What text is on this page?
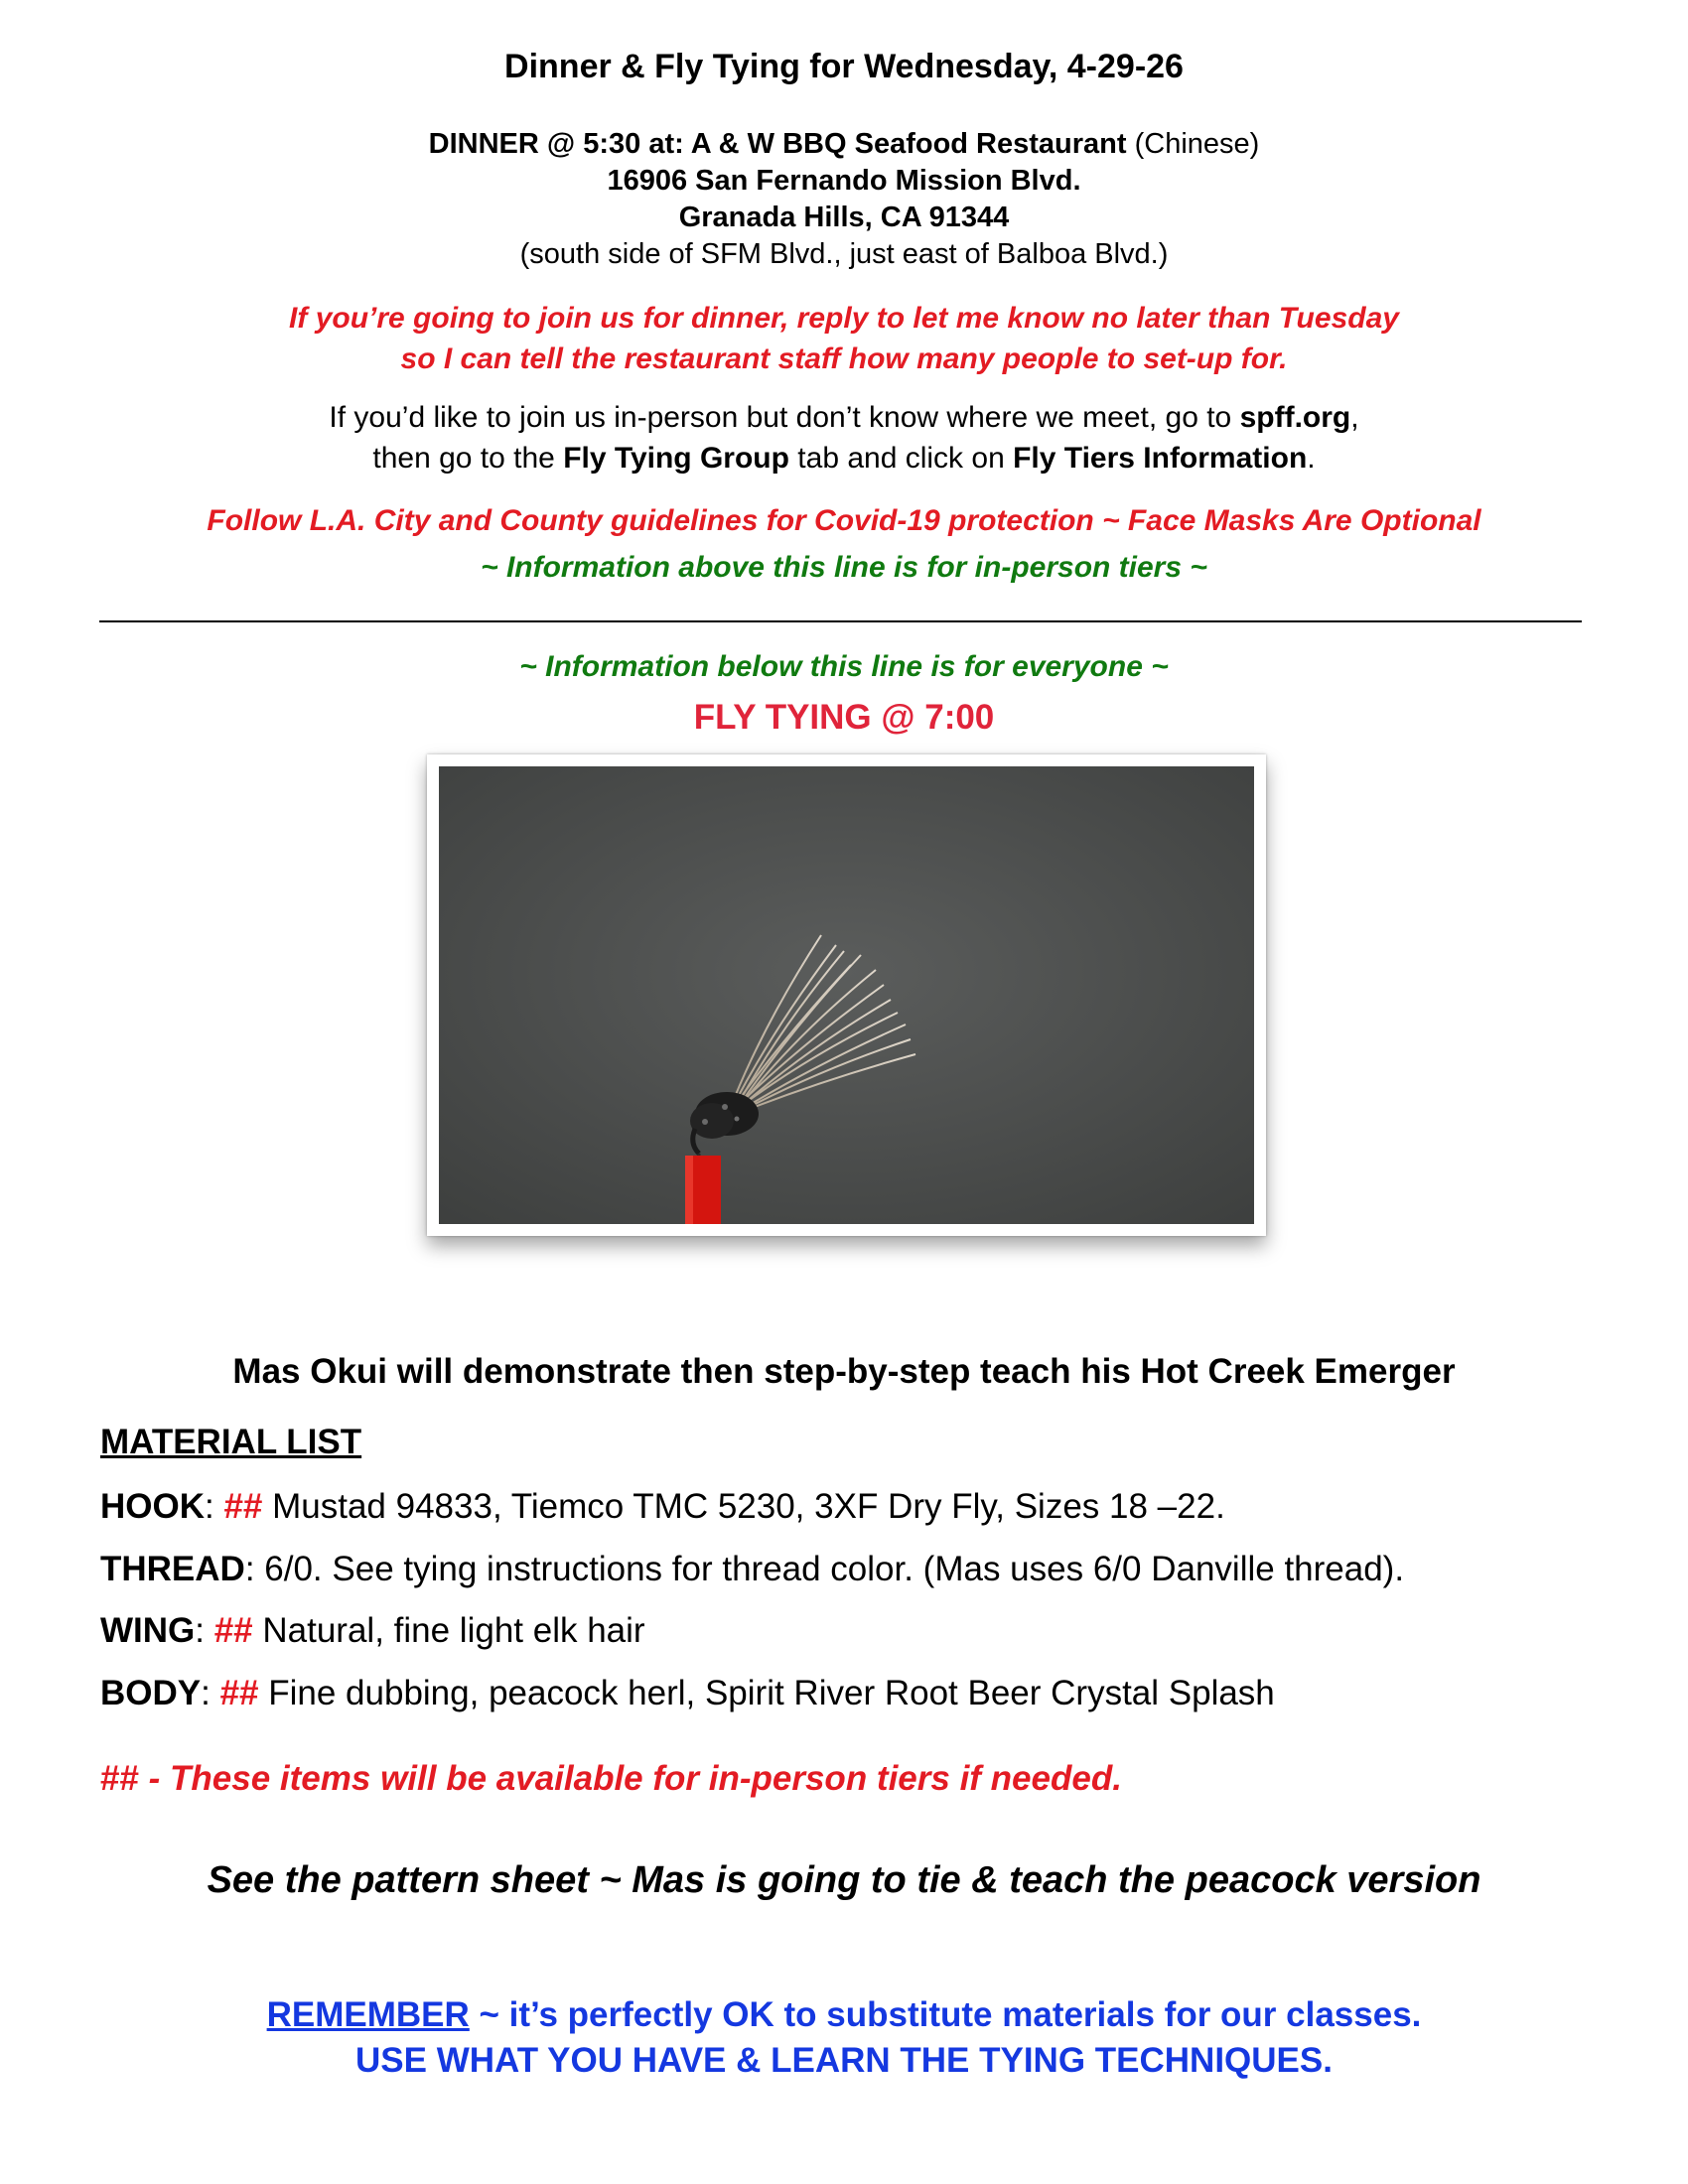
Dinner & Fly Tying for Wednesday, 4-29-26
DINNER @ 5:30 at: A & W BBQ Seafood Restaurant (Chinese)
16906 San Fernando Mission Blvd.
Granada Hills, CA 91344
(south side of SFM Blvd., just east of Balboa Blvd.)
If you’re going to join us for dinner, reply to let me know no later than Tuesday
so I can tell the restaurant staff how many people to set-up for.
If you’d like to join us in-person but don’t know where we meet, go to spff.org,
then go to the Fly Tying Group tab and click on Fly Tiers Information.
Follow L.A. City and County guidelines for Covid-19 protection ~ Face Masks Are Optional
~ Information above this line is for in-person tiers ~
~ Information below this line is for everyone ~
FLY TYING @ 7:00
Mas Okui will demonstrate then step-by-step teach his Hot Creek Emerger
MATERIAL LIST
HOOK: ## Mustad 94833, Tiemco TMC 5230, 3XF Dry Fly, Sizes 18 –22.
THREAD: 6/0. See tying instructions for thread color. (Mas uses 6/0 Danville thread).
WING: ## Natural, fine light elk hair
BODY: ## Fine dubbing, peacock herl, Spirit River Root Beer Crystal Splash
## - These items will be available for in-person tiers if needed.
See the pattern sheet ~ Mas is going to tie & teach the peacock version
REMEMBER ~ it’s perfectly OK to substitute materials for our classes.
USE WHAT YOU HAVE & LEARN THE TYING TECHNIQUES.
